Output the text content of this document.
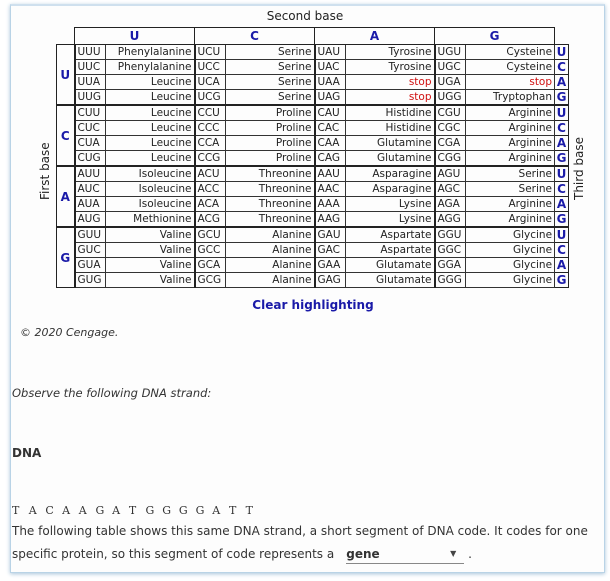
Second base
First base	Third base
	U		C		A		G		
U	UUU	Phenylalanine	UCU	Serine	UAU	Tyrosine	UGU	Cysteine	U
	UUC	Phenylalanine	UCC	Serine	UAC	Tyrosine	UGC	Cysteine	C
	UUA	Leucine	UCA	Serine	UAA	stop	UGA	stop	A
	UUG	Leucine	UCG	Serine	UAG	stop	UGG	Tryptophan	G
C	CUU	Leucine	CCU	Proline	CAU	Histidine	CGU	Arginine	U
	CUC	Leucine	CCC	Proline	CAC	Histidine	CGC	Arginine	C
	CUA	Leucine	CCA	Proline	CAA	Glutamine	CGA	Arginine	A
	CUG	Leucine	CCG	Proline	CAG	Glutamine	CGG	Arginine	G
A	AUU	Isoleucine	ACU	Threonine	AAU	Asparagine	AGU	Serine	U
	AUC	Isoleucine	ACC	Threonine	AAC	Asparagine	AGC	Serine	C
	AUA	Isoleucine	ACA	Threonine	AAA	Lysine	AGA	Arginine	A
	AUG	Methionine	ACG	Threonine	AAG	Lysine	AGG	Arginine	G
G	GUU	Valine	GCU	Alanine	GAU	Aspartate	GGU	Glycine	U
	GUC	Valine	GCC	Alanine	GAC	Aspartate	GGC	Glycine	C
	GUA	Valine	GCA	Alanine	GAA	Glutamate	GGA	Glycine	A
	GUG	Valine	GCG	Alanine	GAG	Glutamate	GGG	Glycine	G
Clear highlighting
© 2020 Cengage.
Observe the following DNA strand:
DNA
T A C A A G A T G G G G A T T
The following table shows this same DNA strand, a short segment of DNA code. It codes for one specific protein, so this segment of code represents a gene	▼ .
